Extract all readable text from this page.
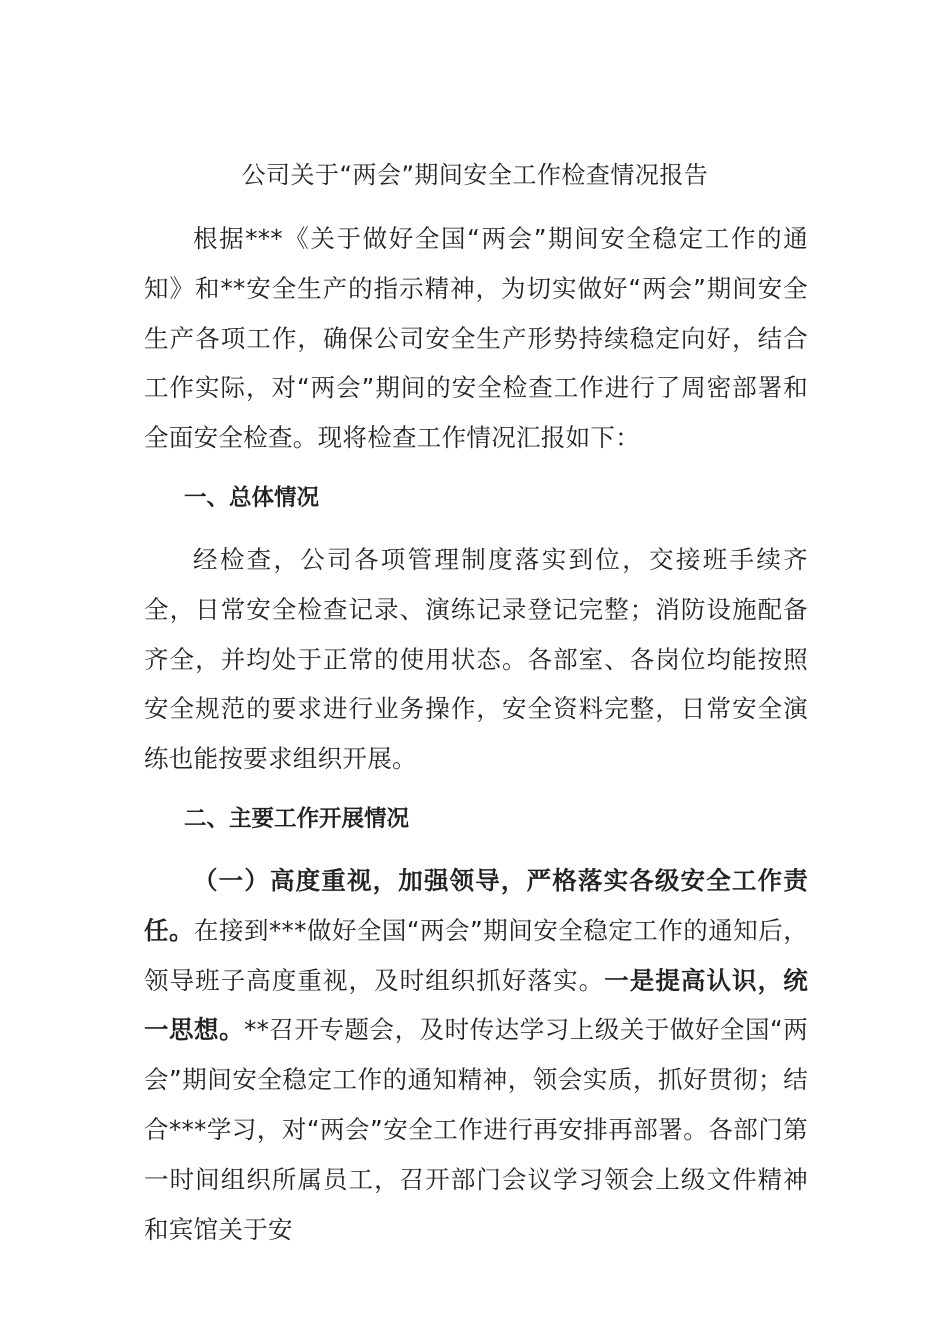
公司关于“两会”期间安全工作检查情况报告

根据***《关于做好全国“两会”期间安全稳定工作的通知》和**安全生产的指示精神，为切实做好“两会”期间安全生产各项工作，确保公司安全生产形势持续稳定向好，结合工作实际，对“两会”期间的安全检查工作进行了周密部署和全面安全检查。现将检查工作情况汇报如下：

一、总体情况

经检查，公司各项管理制度落实到位，交接班手续齐全，日常安全检查记录、演练记录登记完整；消防设施配备齐全，并均处于正常的使用状态。各部室、各岗位均能按照安全规范的要求进行业务操作，安全资料完整，日常安全演练也能按要求组织开展。

二、主要工作开展情况

（一）高度重视，加强领导，严格落实各级安全工作责任。在接到***做好全国“两会”期间安全稳定工作的通知后，领导班子高度重视，及时组织抓好落实。一是提高认识，统一思想。**召开专题会，及时传达学习上级关于做好全国“两会”期间安全稳定工作的通知精神，领会实质，抓好贯彻；结合***学习，对“两会”安全工作进行再安排再部署。各部门第一时间组织所属员工，召开部门会议学习领会上级文件精神和宾馆关于安
